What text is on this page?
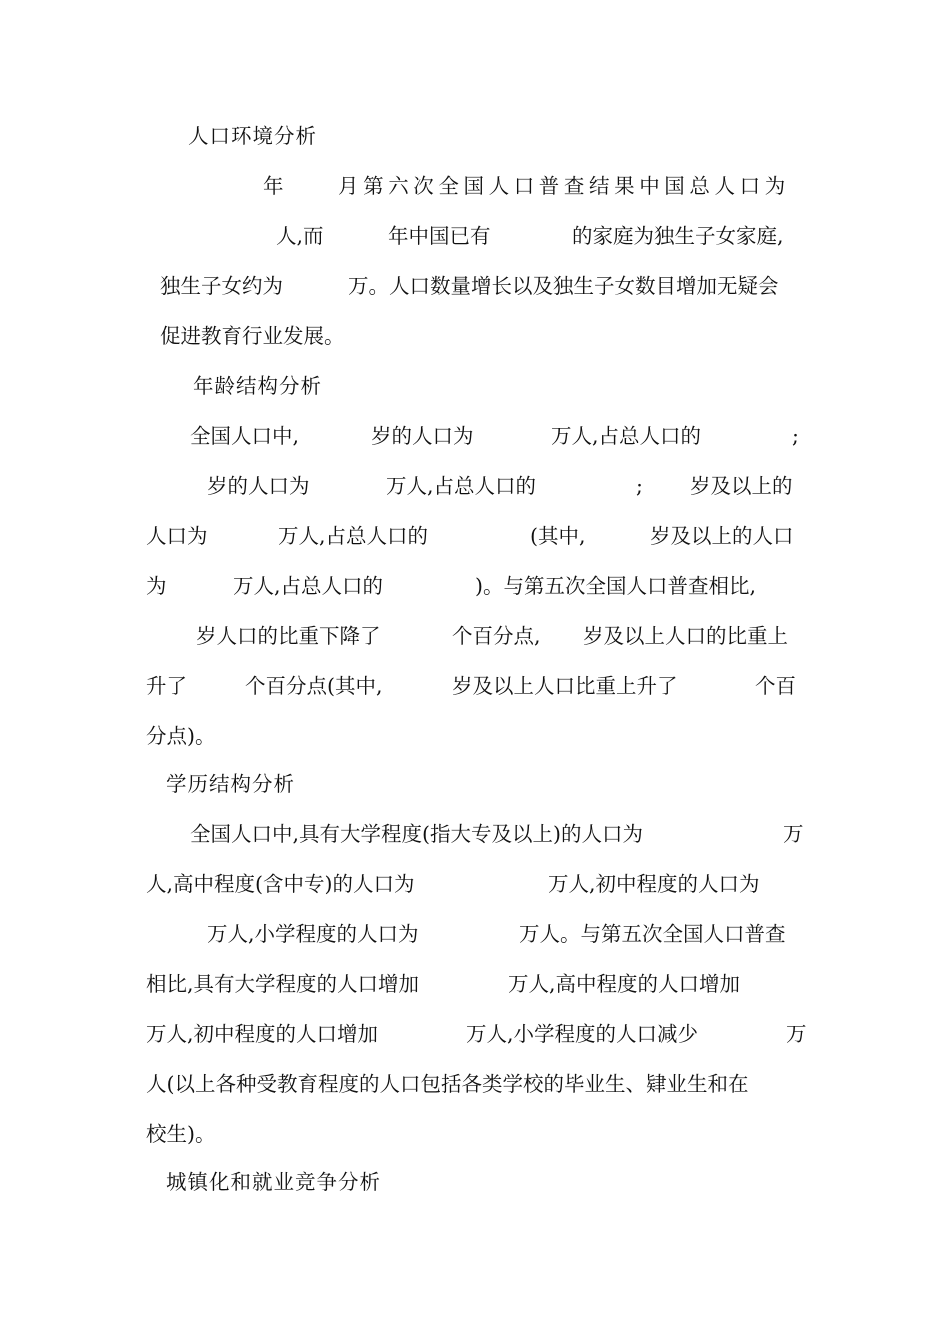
人口环境分析

年

	月第六次全国人口普查结果中国总人口为

人,而

	年中国已有

	的家庭为独生子女家庭,

独生子女约为

	万。人口数量增长以及独生子女数目增加无疑会

促进教育行业发展。

年龄结构分析

全国人口中,

	岁的人口为

	万人,占总人口的

	;

岁的人口为

	万人,占总人口的

	;

岁及以上的

人口为

	万人,占总人口的

	(其中,

	岁及以上的人口

为

	万人,占总人口的

	)。与第五次全国人口普查相比,

岁人口的比重下降了

	个百分点,

岁及以上人口的比重上

升了

	个百分点(其中,

	岁及以上人口比重上升了

	个百

分点)。

学历结构分析

全国人口中,具有大学程度(指大专及以上)的人口为

	万

人,高中程度(含中专)的人口为

	万人,初中程度的人口为

万人,小学程度的人口为

	万人。与第五次全国人口普查

相比,具有大学程度的人口增加

	万人,高中程度的人口增加

万人,初中程度的人口增加

	万人,小学程度的人口减少

	万

人(以上各种受教育程度的人口包括各类学校的毕业生、肄业生和在

校生)。

城镇化和就业竞争分析
